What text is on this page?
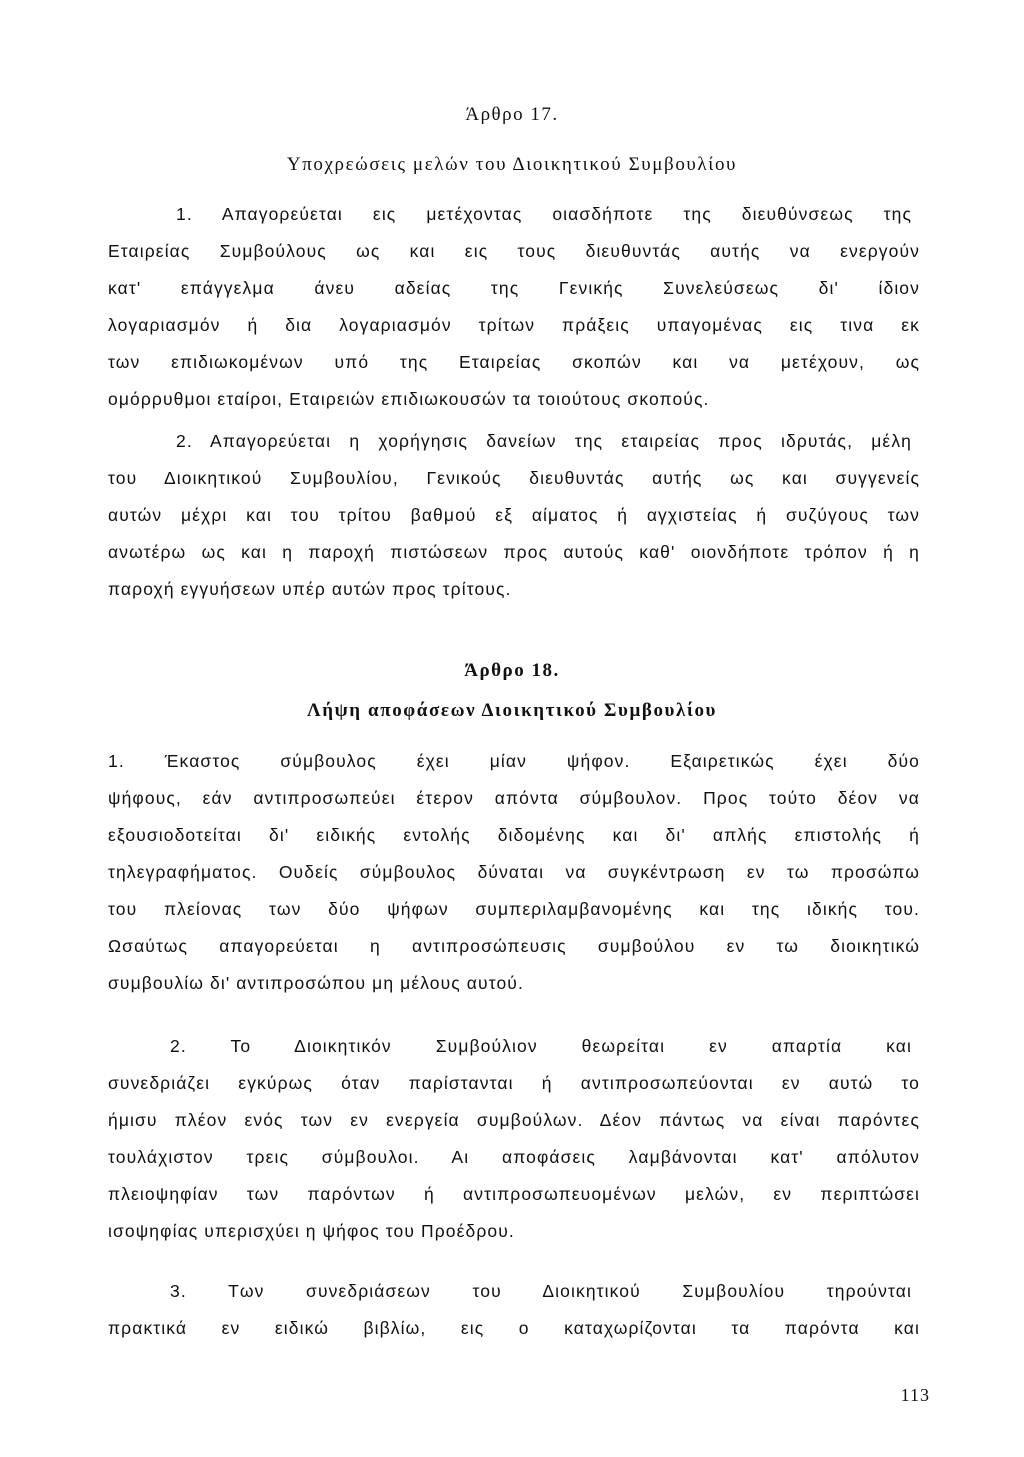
Άρθρο 17.
Υποχρεώσεις μελών του Διοικητικού Συμβουλίου
1. Απαγορεύεται εις μετέχοντας οιασδήποτε της διευθύνσεως της
Εταιρείας Συμβούλους ως και εις τους διευθυντάς αυτής να ενεργούν
κατ' επάγγελμα άνευ αδείας της Γενικής Συνελεύσεως δι' ίδιον
λογαριασμόν ή δια λογαριασμόν τρίτων πράξεις υπαγομένας εις τινα εκ
των επιδιωκομένων υπό της Εταιρείας σκοπών και να μετέχουν, ως
ομόρρυθμοι εταίροι, Εταιρειών επιδιωκουσών τα τοιούτους σκοπούς.
2. Απαγορεύεται η χορήγησις δανείων της εταιρείας προς ιδρυτάς, μέλη
του Διοικητικού Συμβουλίου, Γενικούς διευθυντάς αυτής ως και συγγενείς
αυτών μέχρι και του τρίτου βαθμού εξ αίματος ή αγχιστείας ή συζύγους των
ανωτέρω ως και η παροχή πιστώσεων προς αυτούς καθ' οιονδήποτε τρόπον ή η
παροχή εγγυήσεων υπέρ αυτών προς τρίτους.
Άρθρο 18.
Λήψη αποφάσεων Διοικητικού Συμβουλίου
1. Έκαστος σύμβουλος έχει μίαν ψήφον. Εξαιρετικώς έχει δύο
ψήφους, εάν αντιπροσωπεύει έτερον απόντα σύμβουλον. Προς τούτο δέον να
εξουσιοδοτείται δι' ειδικής εντολής διδομένης και δι' απλής επιστολής ή
τηλεγραφήματος. Ουδείς σύμβουλος δύναται να συγκέντρωση εν τω προσώπω
του πλείονας των δύο ψήφων συμπεριλαμβανομένης και της ιδικής του.
Ωσαύτως απαγορεύεται η αντιπροσώπευσις συμβούλου εν τω διοικητικώ
συμβουλίω δι' αντιπροσώπου μη μέλους αυτού.
2. Το Διοικητικόν Συμβούλιον θεωρείται εν απαρτία και
συνεδριάζει εγκύρως όταν παρίστανται ή αντιπροσωπεύονται εν αυτώ το
ήμισυ πλέον ενός των εν ενεργεία συμβούλων. Δέον πάντως να είναι παρόντες
τουλάχιστον τρεις σύμβουλοι. Αι αποφάσεις λαμβάνονται κατ' απόλυτον
πλειοψηφίαν των παρόντων ή αντιπροσωπευομένων μελών, εν περιπτώσει
ισοψηφίας υπερισχύει η ψήφος του Προέδρου.
3. Των συνεδριάσεων του Διοικητικού Συμβουλίου τηρούνται
πρακτικά εν ειδικώ βιβλίω, εις ο καταχωρίζονται τα παρόντα και
113
